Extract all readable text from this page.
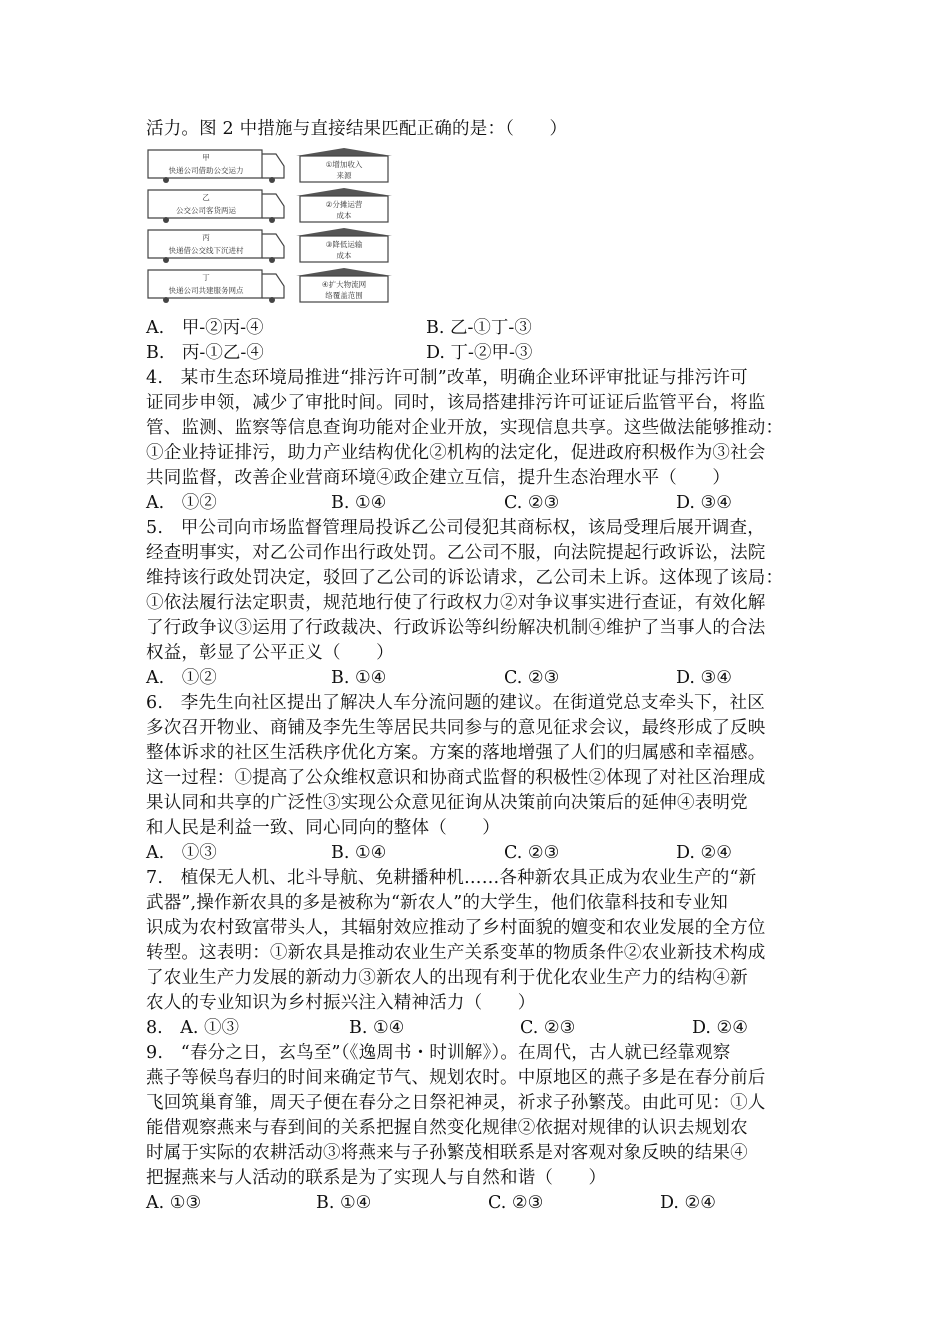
活力。图 2 中措施与直接结果匹配正确的是：（　　）
甲
快递公司借助公交运力
乙
公交公司客货两运
丙
快递借公交线下沉进村
丁
快递公司共建服务网点
①增加收入
来源
②分摊运营
成本
③降低运输
成本
④扩大物流网
络覆盖范围
A.　甲-②丙-④	B. 乙-①丁-③
B.　丙-①乙-④	D. 丁-②甲-③
4.　某市生态环境局推进“排污许可制”改革，明确企业环评审批证与排污许可
证同步申领，减少了审批时间。同时，该局搭建排污许可证证后监管平台，将监
管、监测、监察等信息查询功能对企业开放，实现信息共享。这些做法能够推动：
①企业持证排污，助力产业结构优化②机构的法定化，促进政府积极作为③社会
共同监督，改善企业营商环境④政企建立互信，提升生态治理水平（　　）
A.　①②	B. ①④	C. ②③	D. ③④
5.　甲公司向市场监督管理局投诉乙公司侵犯其商标权，该局受理后展开调查，
经查明事实，对乙公司作出行政处罚。乙公司不服，向法院提起行政诉讼，法院
维持该行政处罚决定，驳回了乙公司的诉讼请求，乙公司未上诉。这体现了该局：
①依法履行法定职责，规范地行使了行政权力②对争议事实进行查证，有效化解
了行政争议③运用了行政裁决、行政诉讼等纠纷解决机制④维护了当事人的合法
权益，彰显了公平正义（　　）
A.　①②	B. ①④	C. ②③	D. ③④
6.　李先生向社区提出了解决人车分流问题的建议。在街道党总支牵头下，社区
多次召开物业、商铺及李先生等居民共同参与的意见征求会议，最终形成了反映
整体诉求的社区生活秩序优化方案。方案的落地增强了人们的归属感和幸福感。
这一过程：①提高了公众维权意识和协商式监督的积极性②体现了对社区治理成
果认同和共享的广泛性③实现公众意见征询从决策前向决策后的延伸④表明党
和人民是利益一致、同心同向的整体（　　）
A.　①③	B. ①④	C. ②③	D. ②④
7.　植保无人机、北斗导航、免耕播种机……各种新农具正成为农业生产的“新
武器”,操作新农具的多是被称为“新农人”的大学生，他们依靠科技和专业知
识成为农村致富带头人，其辐射效应推动了乡村面貌的嬗变和农业发展的全方位
转型。这表明：①新农具是推动农业生产关系变革的物质条件②农业新技术构成
了农业生产力发展的新动力③新农人的出现有利于优化农业生产力的结构④新
农人的专业知识为乡村振兴注入精神活力（　　）
8.　A. ①③	B. ①④	C. ②③	D. ②④
9.　“春分之日，玄鸟至”（《逸周书・时训解》）。在周代，古人就已经靠观察
燕子等候鸟春归的时间来确定节气、规划农时。中原地区的燕子多是在春分前后
飞回筑巢育雏，周天子便在春分之日祭祀神灵，祈求子孙繁茂。由此可见：①人
能借观察燕来与春到间的关系把握自然变化规律②依据对规律的认识去规划农
时属于实际的农耕活动③将燕来与子孙繁茂相联系是对客观对象反映的结果④
把握燕来与人活动的联系是为了实现人与自然和谐（　　）
A. ①③	B. ①④	C. ②③	D. ②④
